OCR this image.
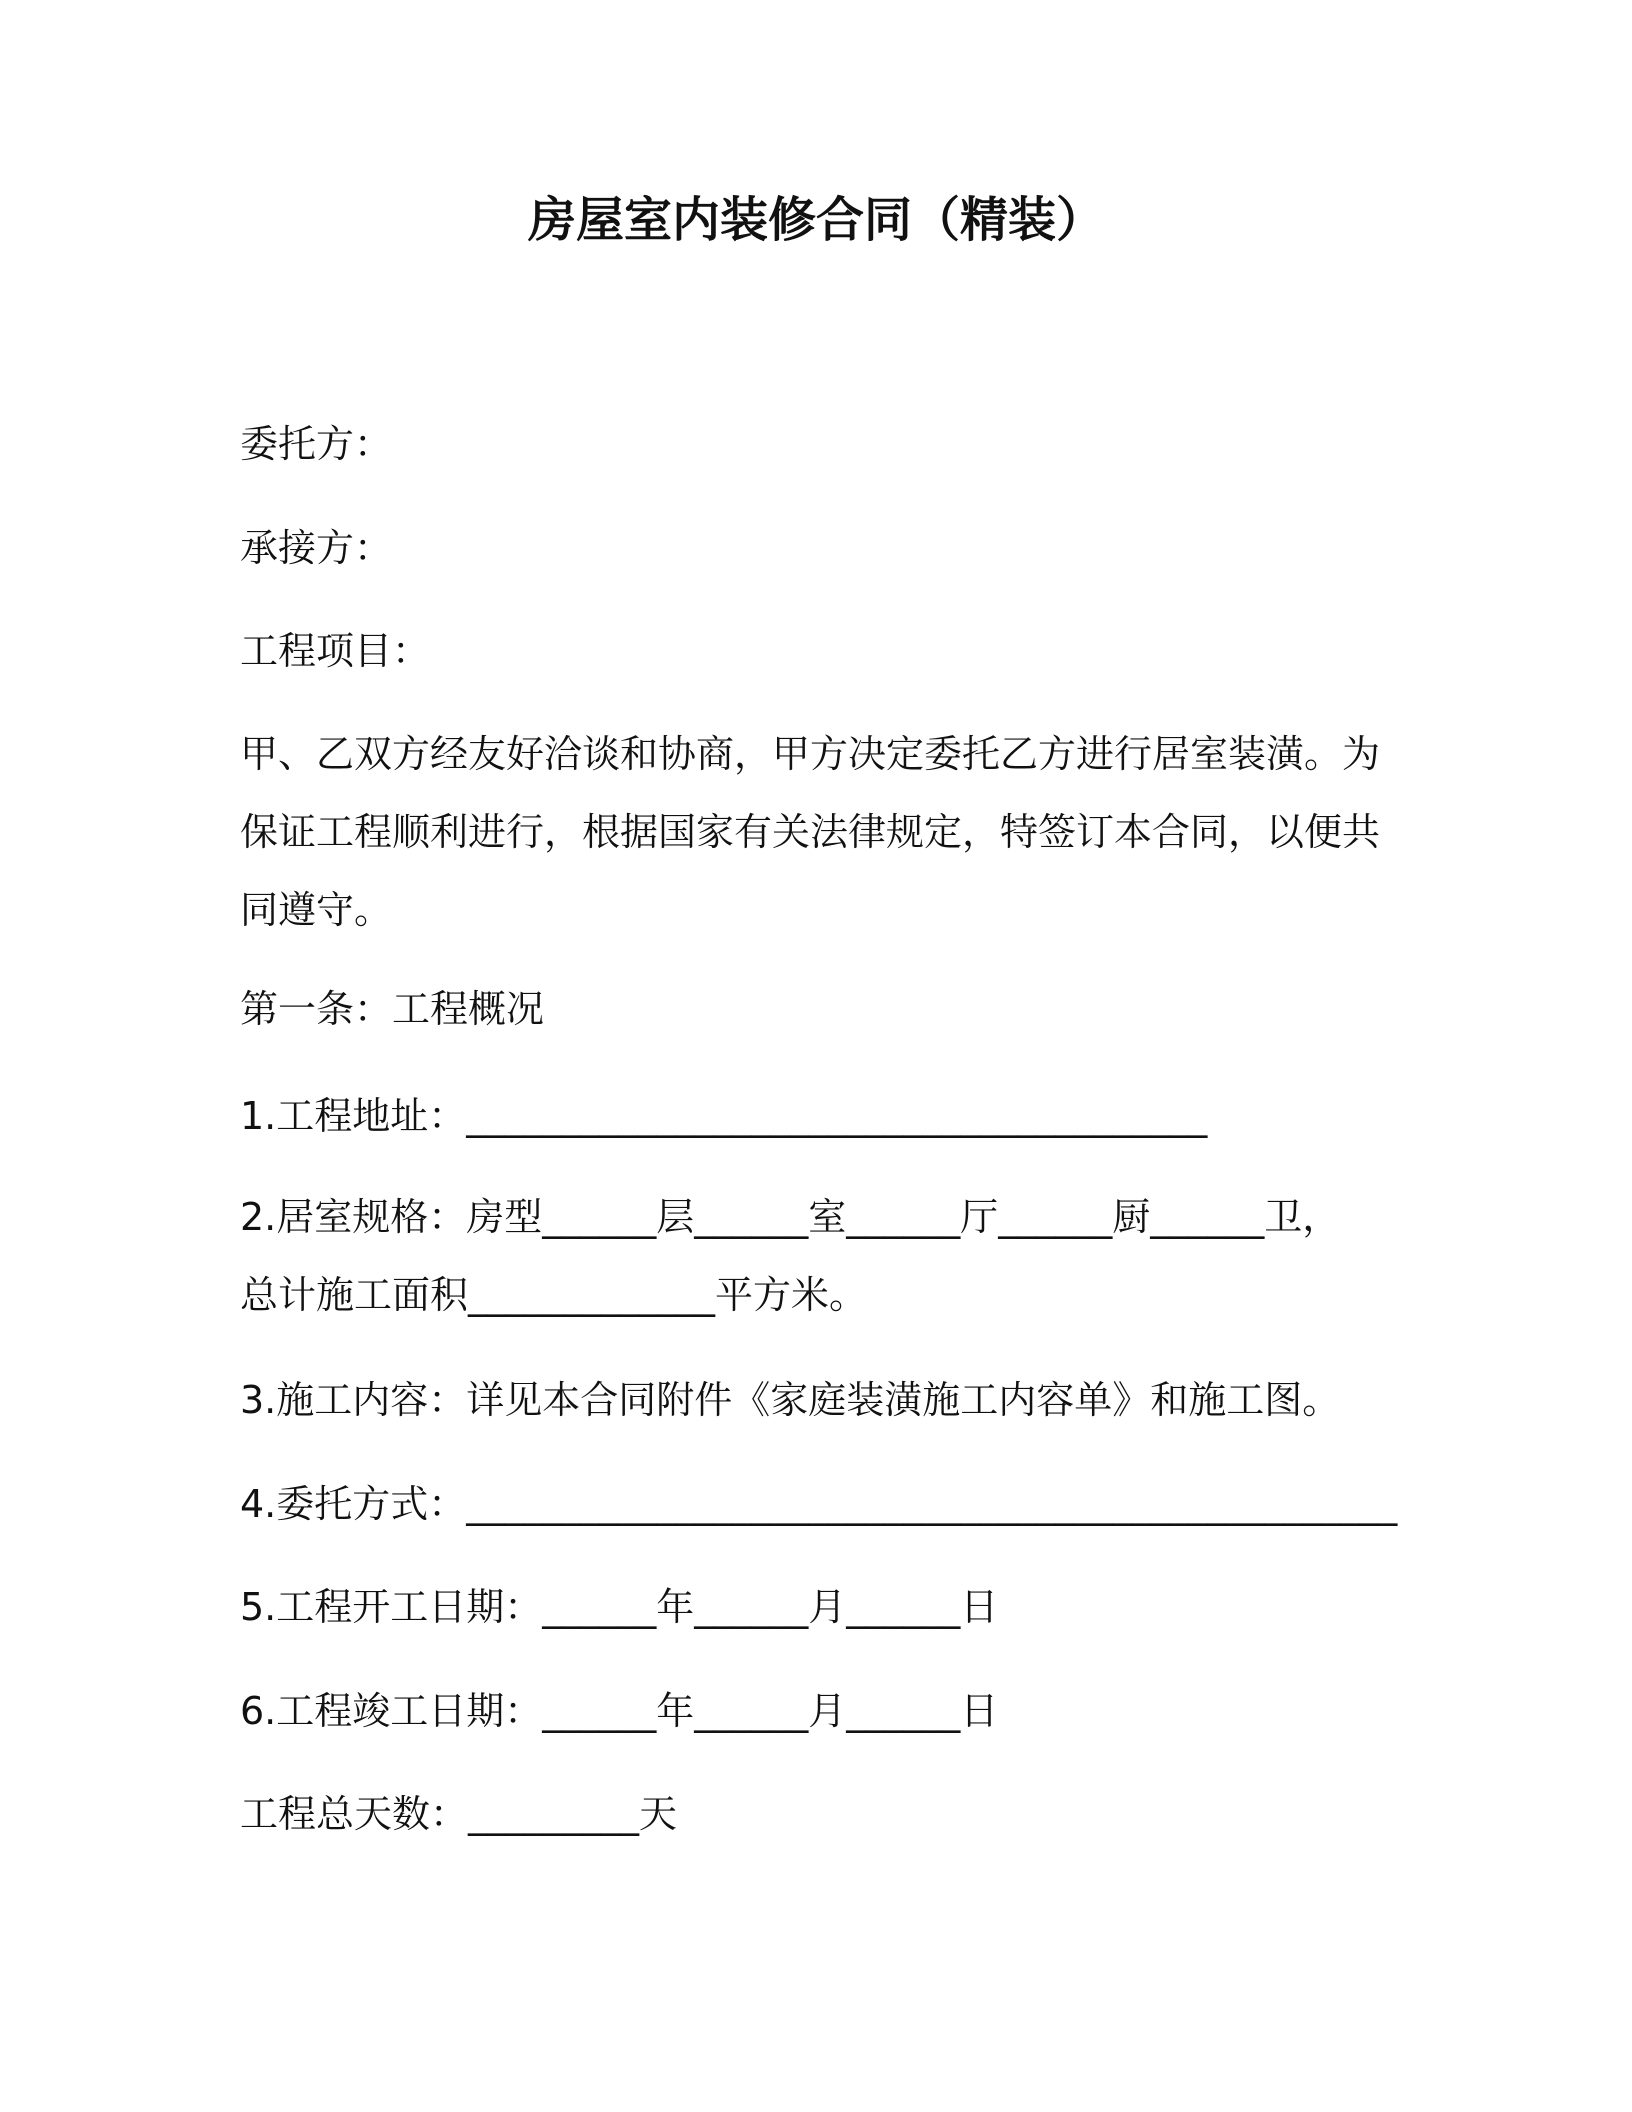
房屋室内装修合同（精装）
委托方：
承接方：
工程项目：
甲、乙双方经友好洽谈和协商，甲方决定委托乙方进行居室装潢。为
保证工程顺利进行，根据国家有关法律规定，特签订本合同，以便共
同遵守。
第一条：工程概况
1.工程地址：_______________________________________
2.居室规格：房型______层______室______厅______厨______卫，
总计施工面积_____________平方米。
3.施工内容：详见本合同附件《家庭装潢施工内容单》和施工图。
4.委托方式：_________________________________________________
5.工程开工日期：______年______月______日
6.工程竣工日期：______年______月______日
工程总天数：_________天
